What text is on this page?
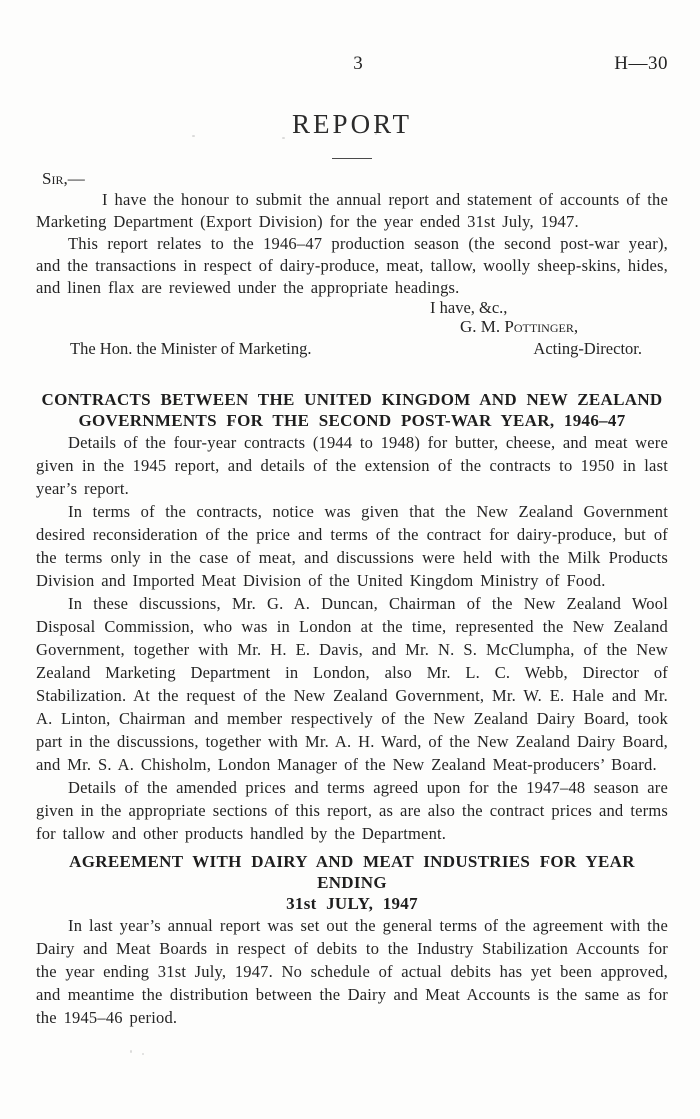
3	H—30
REPORT
Sir,—

I have the honour to submit the annual report and statement of accounts of the Marketing Department (Export Division) for the year ended 31st July, 1947.

This report relates to the 1946–47 production season (the second post-war year), and the transactions in respect of dairy-produce, meat, tallow, woolly sheep-skins, hides, and linen flax are reviewed under the appropriate headings.

I have, &c.,
G. M. Pottinger,
The Hon. the Minister of Marketing.	Acting-Director.
CONTRACTS BETWEEN THE UNITED KINGDOM AND NEW ZEALAND
GOVERNMENTS FOR THE SECOND POST-WAR YEAR, 1946–47

Details of the four-year contracts (1944 to 1948) for butter, cheese, and meat were given in the 1945 report, and details of the extension of the contracts to 1950 in last year’s report.

In terms of the contracts, notice was given that the New Zealand Government desired reconsideration of the price and terms of the contract for dairy-produce, but of the terms only in the case of meat, and discussions were held with the Milk Products Division and Imported Meat Division of the United Kingdom Ministry of Food.

In these discussions, Mr. G. A. Duncan, Chairman of the New Zealand Wool Disposal Commission, who was in London at the time, represented the New Zealand Government, together with Mr. H. E. Davis, and Mr. N. S. McClumpha, of the New Zealand Marketing Department in London, also Mr. L. C. Webb, Director of Stabilization. At the request of the New Zealand Government, Mr. W. E. Hale and Mr. A. Linton, Chairman and member respectively of the New Zealand Dairy Board, took part in the discussions, together with Mr. A. H. Ward, of the New Zealand Dairy Board, and Mr. S. A. Chisholm, London Manager of the New Zealand Meat-producers’ Board.

Details of the amended prices and terms agreed upon for the 1947–48 season are given in the appropriate sections of this report, as are also the contract prices and terms for tallow and other products handled by the Department.

AGREEMENT WITH DAIRY AND MEAT INDUSTRIES FOR YEAR ENDING
31st JULY, 1947

In last year’s annual report was set out the general terms of the agreement with the Dairy and Meat Boards in respect of debits to the Industry Stabilization Accounts for the year ending 31st July, 1947. No schedule of actual debits has yet been approved, and meantime the distribution between the Dairy and Meat Accounts is the same as for the 1945–46 period.
